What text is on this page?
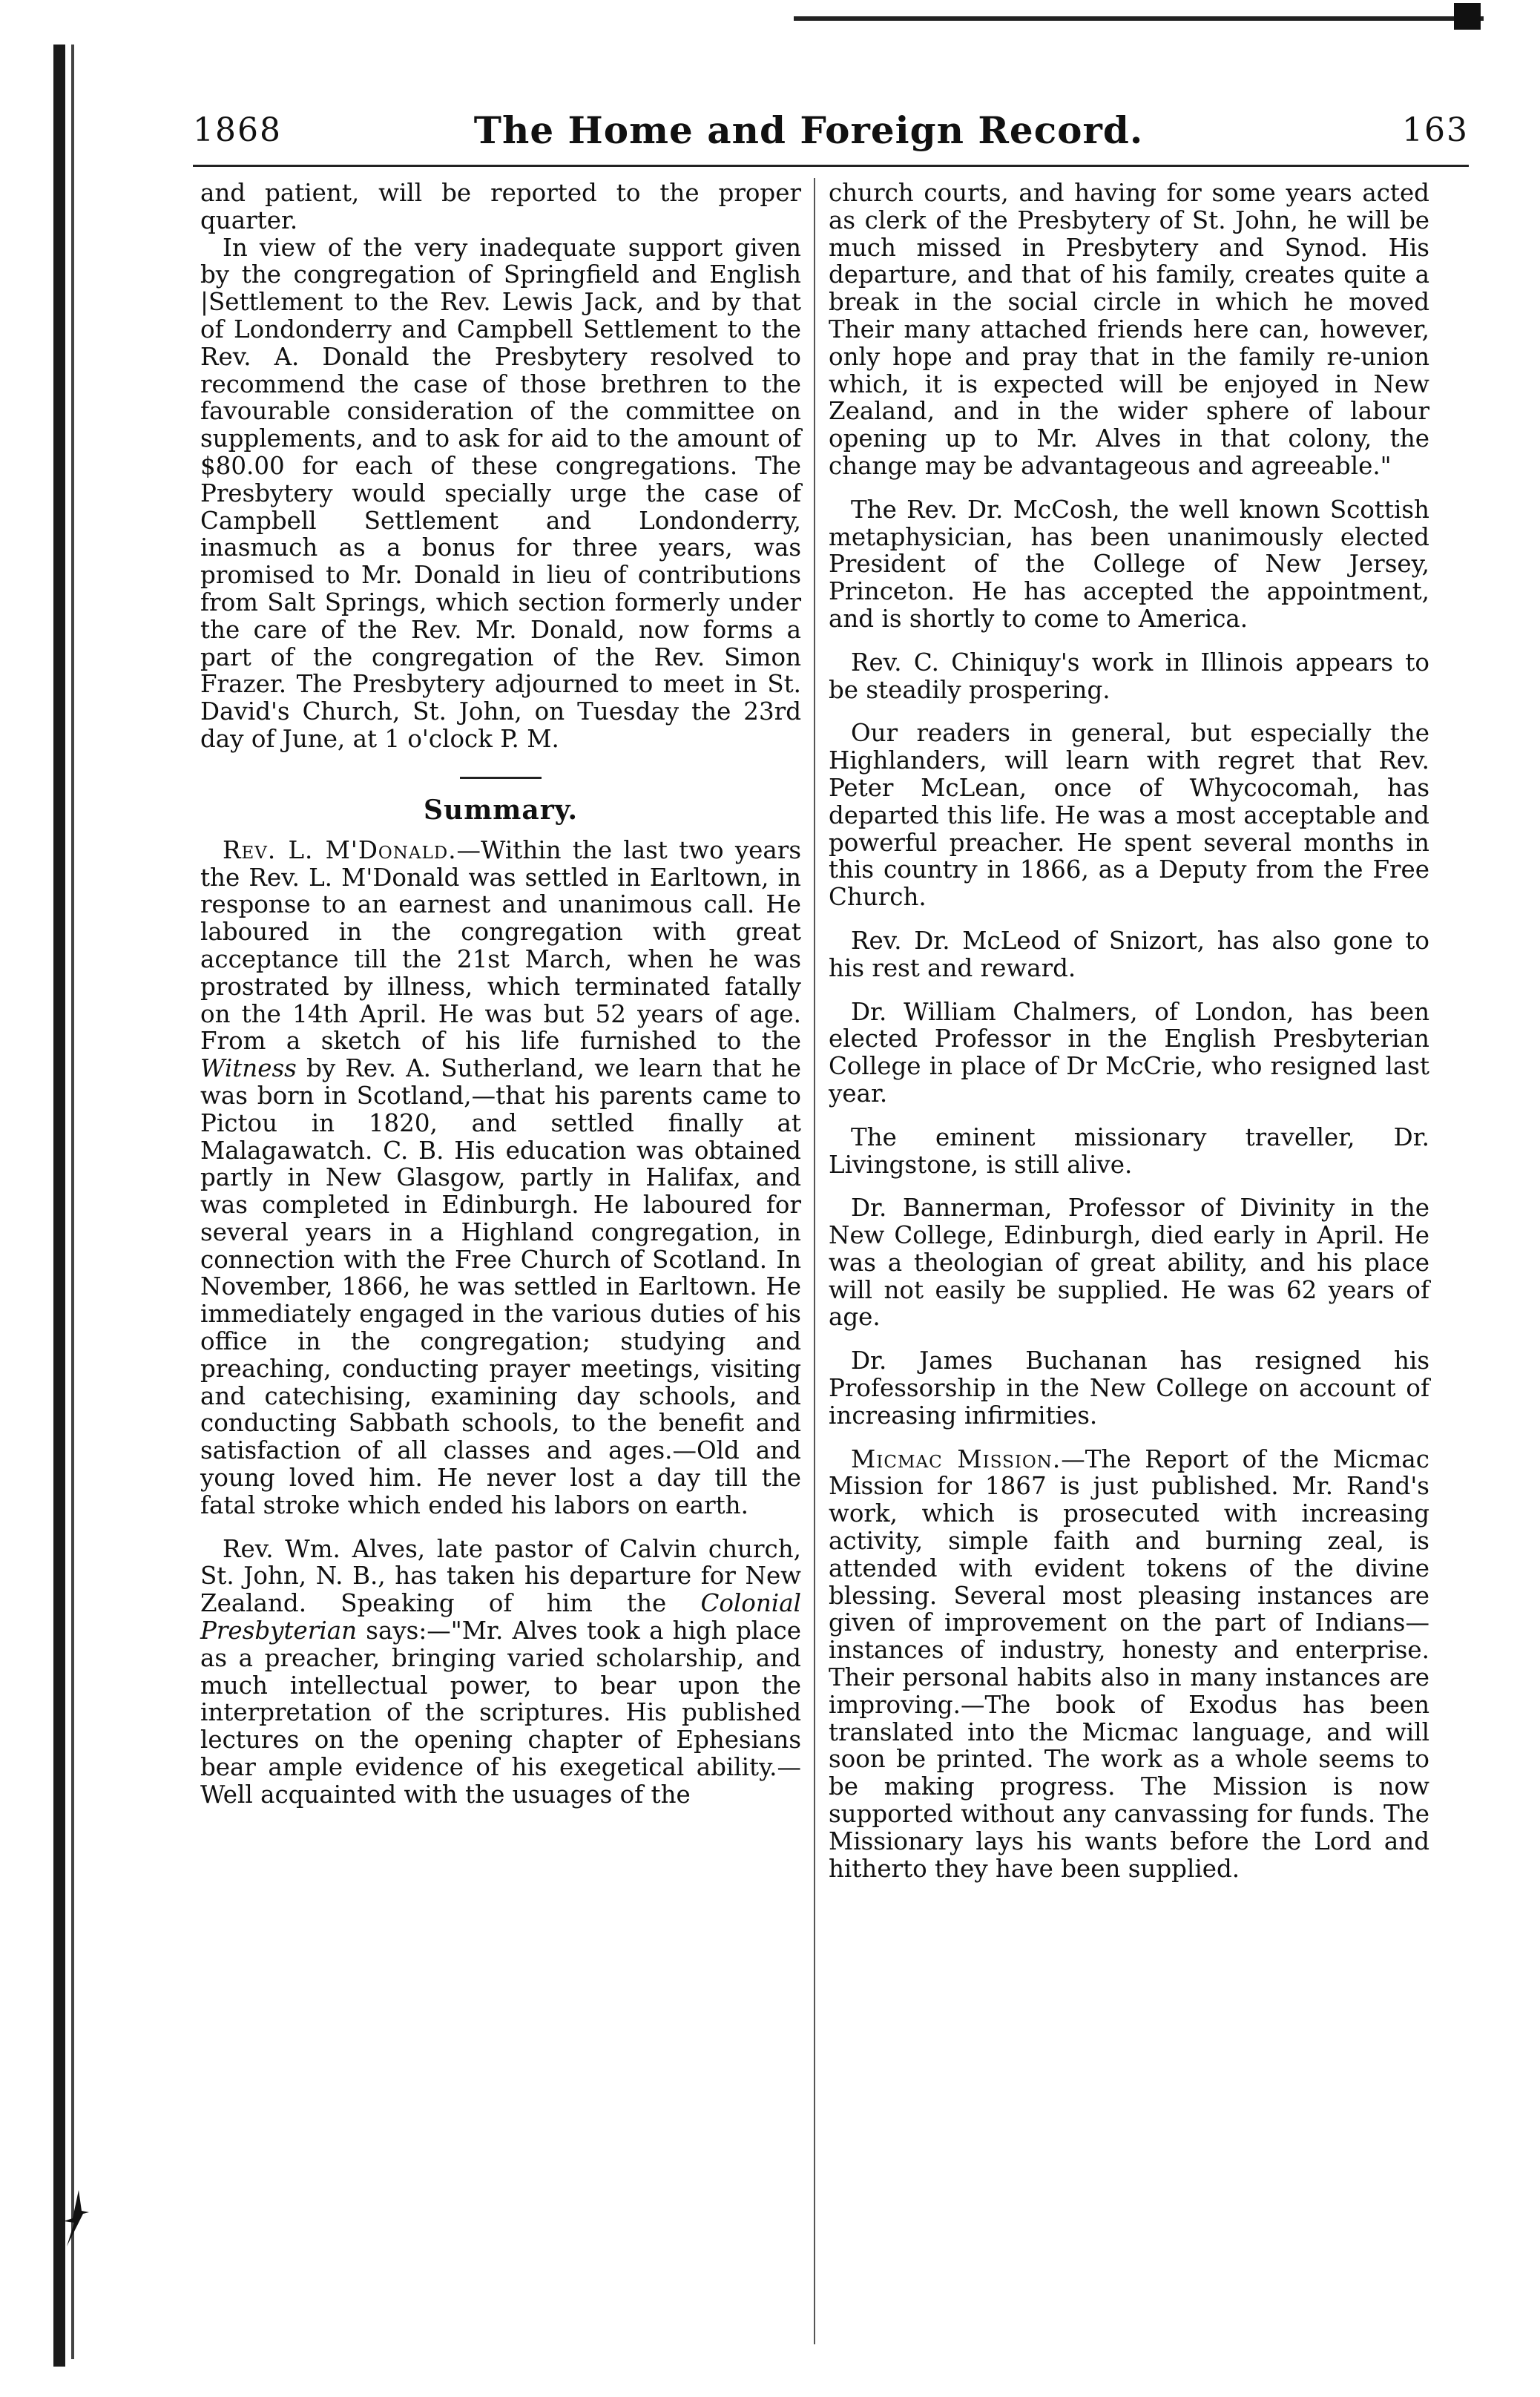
1868	The Home and Foreign Record.	163

and patient, will be reported to the proper quarter.

In view of the very inadequate support given by the congregation of Springfield and English |Settlement to the Rev. Lewis Jack, and by that of Londonderry and Campbell Settlement to the Rev. A. Donald the Presbytery resolved to recommend the case of those brethren to the favourable consideration of the committee on supplements, and to ask for aid to the amount of $80.00 for each of these congregations. The Presbytery would specially urge the case of Campbell Settlement and Londonderry, inasmuch as a bonus for three years, was promised to Mr. Donald in lieu of contributions from Salt Springs, which section formerly under the care of the Rev. Mr. Donald, now forms a part of the congregation of the Rev. Simon Frazer. The Presbytery adjourned to meet in St. David's Church, St. John, on Tuesday the 23rd day of June, at 1 o'clock P. M.

Summary.

Rev. L. M'Donald.—Within the last two years the Rev. L. M'Donald was settled in Earltown, in response to an earnest and unanimous call. He laboured in the congregation with great acceptance till the 21st March, when he was prostrated by illness, which terminated fatally on the 14th April. He was but 52 years of age. From a sketch of his life furnished to the Witness by Rev. A. Sutherland, we learn that he was born in Scotland,—that his parents came to Pictou in 1820, and settled finally at Malagawatch. C. B. His education was obtained partly in New Glasgow, partly in Halifax, and was completed in Edinburgh. He laboured for several years in a Highland congregation, in connection with the Free Church of Scotland. In November, 1866, he was settled in Earltown. He immediately engaged in the various duties of his office in the congregation; studying and preaching, conducting prayer meetings, visiting and catechising, examining day schools, and conducting Sabbath schools, to the benefit and satisfaction of all classes and ages.—Old and young loved him. He never lost a day till the fatal stroke which ended his labors on earth.

Rev. Wm. Alves, late pastor of Calvin church, St. John, N. B., has taken his departure for New Zealand. Speaking of him the Colonial Presbyterian says:—"Mr. Alves took a high place as a preacher, bringing varied scholarship, and much intellectual power, to bear upon the interpretation of the scriptures. His published lectures on the opening chapter of Ephesians bear ample evidence of his exegetical ability.—Well acquainted with the usuages of the

church courts, and having for some years acted as clerk of the Presbytery of St. John, he will be much missed in Presbytery and Synod. His departure, and that of his family, creates quite a break in the social circle in which he moved Their many attached friends here can, however, only hope and pray that in the family re-union which, it is expected will be enjoyed in New Zealand, and in the wider sphere of labour opening up to Mr. Alves in that colony, the change may be advantageous and agreeable."

The Rev. Dr. McCosh, the well known Scottish metaphysician, has been unanimously elected President of the College of New Jersey, Princeton. He has accepted the appointment, and is shortly to come to America.

Rev. C. Chiniquy's work in Illinois appears to be steadily prospering.

Our readers in general, but especially the Highlanders, will learn with regret that Rev. Peter McLean, once of Whycocomah, has departed this life. He was a most acceptable and powerful preacher. He spent several months in this country in 1866, as a Deputy from the Free Church.

Rev. Dr. McLeod of Snizort, has also gone to his rest and reward.

Dr. William Chalmers, of London, has been elected Professor in the English Presbyterian College in place of Dr McCrie, who resigned last year.

The eminent missionary traveller, Dr. Livingstone, is still alive.

Dr. Bannerman, Professor of Divinity in the New College, Edinburgh, died early in April. He was a theologian of great ability, and his place will not easily be supplied. He was 62 years of age.

Dr. James Buchanan has resigned his Professorship in the New College on account of increasing infirmities.

Micmac Mission.—The Report of the Micmac Mission for 1867 is just published. Mr. Rand's work, which is prosecuted with increasing activity, simple faith and burning zeal, is attended with evident tokens of the divine blessing. Several most pleasing instances are given of improvement on the part of Indians—instances of industry, honesty and enterprise. Their personal habits also in many instances are improving.—The book of Exodus has been translated into the Micmac language, and will soon be printed. The work as a whole seems to be making progress. The Mission is now supported without any canvassing for funds. The Missionary lays his wants before the Lord and hitherto they have been supplied.
